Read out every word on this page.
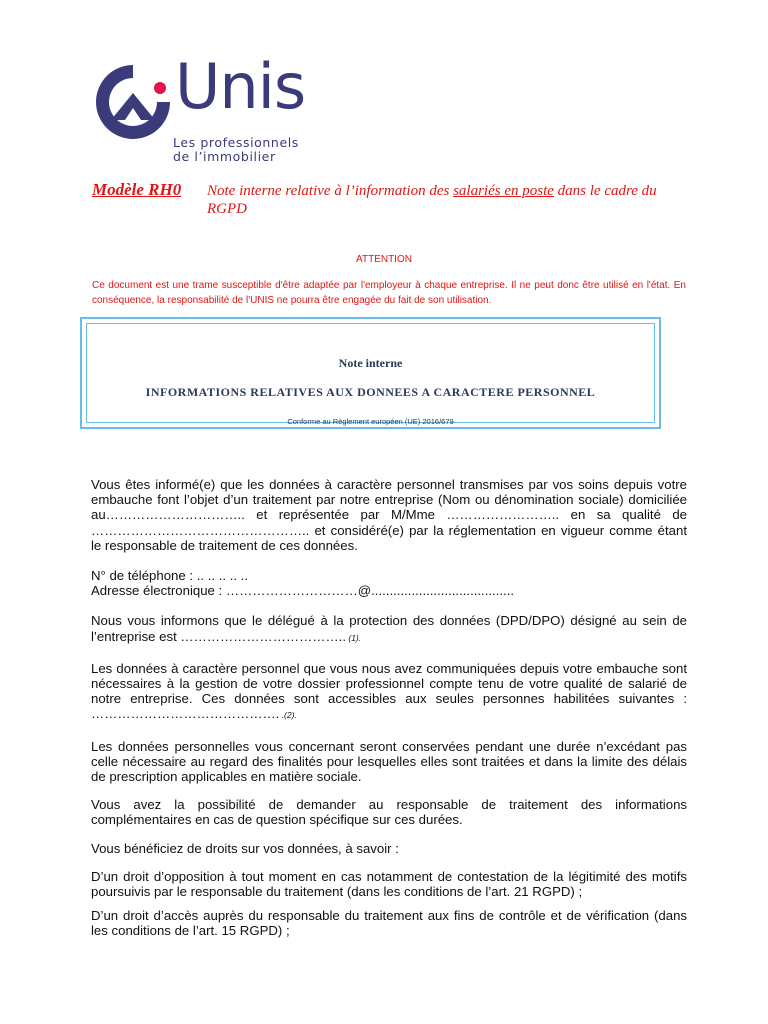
Unis
Les professionnels
de l’immobilier
Modèle RH0 Note interne relative à l’information des salariés en poste dans le cadre du RGPD
ATTENTION
Ce document est une trame susceptible d'être adaptée par l'employeur à chaque entreprise. Il ne peut donc être utilisé en l'état. En conséquence, la responsabilité de l'UNIS ne pourra être engagée du fait de son utilisation.
Note interne
INFORMATIONS RELATIVES AUX DONNEES A CARACTERE PERSONNEL
Conforme au Règlement européen (UE) 2016/679

Vous êtes informé(e) que les données à caractère personnel transmises par vos soins depuis votre embauche font l’objet d’un traitement par notre entreprise (Nom ou dénomination sociale) domiciliée au………………………….. et représentée par M/Mme …………………….. en sa qualité de ………………………………………….. et considéré(e) par la réglementation en vigueur comme étant le responsable de traitement de ces données.

N° de téléphone : .. .. .. .. ..

Adresse électronique : …………………………@.......................................

Nous vous informons que le délégué à la protection des données (DPD/DPO) désigné au sein de l’entreprise est ……………………………….. (1).

Les données à caractère personnel que vous nous avez communiquées depuis votre embauche sont nécessaires à la gestion de votre dossier professionnel compte tenu de votre qualité de salarié de notre entreprise. Ces données sont accessibles aux seules personnes habilitées suivantes : ……………………………………. .(2).

Les données personnelles vous concernant seront conservées pendant une durée n’excédant pas celle nécessaire au regard des finalités pour lesquelles elles sont traitées et dans la limite des délais de prescription applicables en matière sociale.

Vous avez la possibilité de demander au responsable de traitement des informations complémentaires en cas de question spécifique sur ces durées.

Vous bénéficiez de droits sur vos données, à savoir :

D’un droit d’opposition à tout moment en cas notamment de contestation de la légitimité des motifs poursuivis par le responsable du traitement (dans les conditions de l’art. 21 RGPD) ;

D’un droit d’accès auprès du responsable du traitement aux fins de contrôle et de vérification (dans les conditions de l’art. 15 RGPD) ;
